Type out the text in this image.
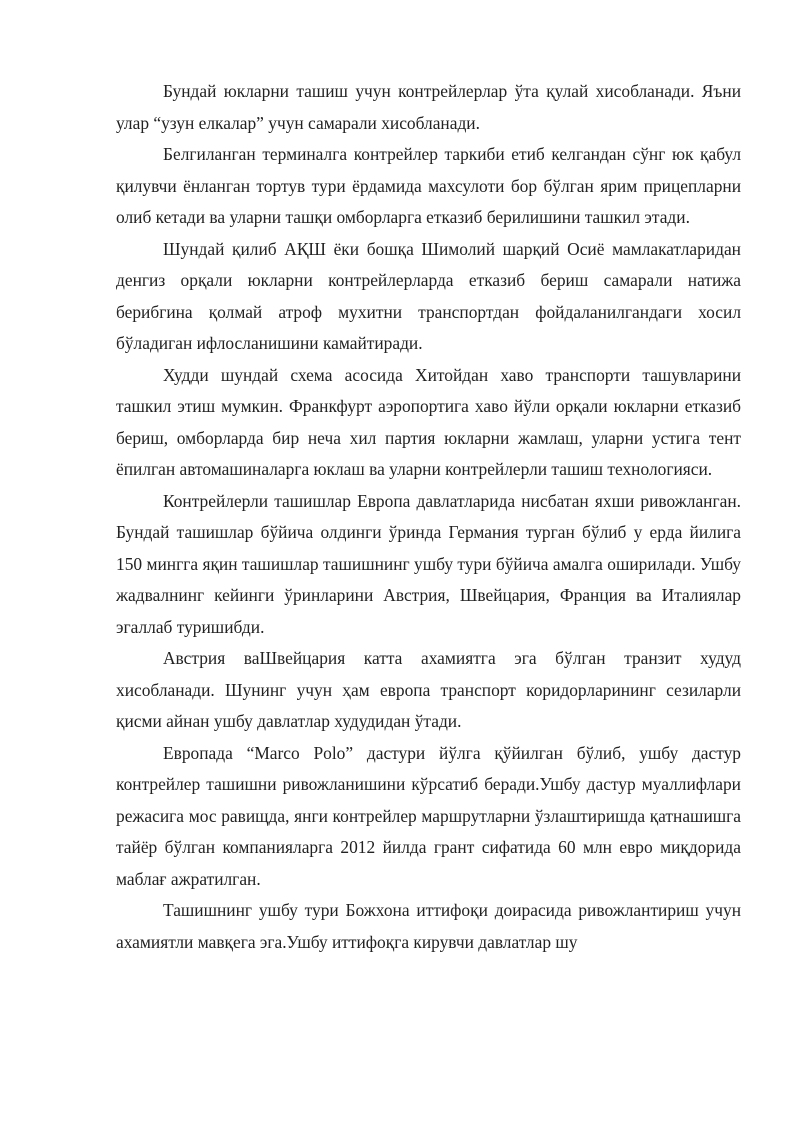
Бундай юкларни ташиш учун контрейлерлар ўта қулай хисобланади. Яъни улар “узун елкалар” учун самарали хисобланади.

Белгиланган терминалга контрейлер таркиби етиб келгандан сўнг юк қабул қилувчи ёнланган тортув тури ёрдамида махсулоти бор бўлган ярим прицепларни олиб кетади ва уларни ташқи омборларга етказиб берилишини ташкил этади.

Шундай қилиб АҚШ ёки бошқа Шимолий шарқий Осиё мамлакатларидан денгиз орқали юкларни контрейлерларда етказиб бериш самарали натижа берибгина қолмай атроф мухитни транспортдан фойдаланилгандаги хосил бўладиган ифлосланишини камайтиради.

Худди шундай схема асосида Хитойдан хаво транспорти ташувларини ташкил этиш мумкин. Франкфурт аэропортига хаво йўли орқали юкларни етказиб бериш, омборларда бир неча хил партия юкларни жамлаш, уларни устига тент ёпилган автомашиналарга юклаш ва уларни контрейлерли ташиш технологияси.

Контрейлерли ташишлар Европа давлатларида нисбатан яхши ривожланган. Бундай ташишлар бўйича олдинги ўринда Германия турган бўлиб у ерда йилига 150 мингга яқин ташишлар ташишнинг ушбу тури бўйича амалга оширилади. Ушбу жадвалнинг кейинги ўринларини Австрия, Швейцария, Франция ва Италиялар эгаллаб туришибди.

Австрия ваШвейцария катта ахамиятга эга бўлган транзит худуд хисобланади. Шунинг учун ҳам европа транспорт коридорларининг сезиларли қисми айнан ушбу давлатлар худудидан ўтади.

Европада “Marco Polo” дастури йўлга қўйилган бўлиб, ушбу дастур контрейлер ташишни ривожланишини кўрсатиб беради.Ушбу дастур муаллифлари режасига мос равищда, янги контрейлер маршрутларни ўзлаштиришда қатнашишга тайёр бўлган компанияларга 2012 йилда грант сифатида 60 млн евро миқдорида маблағ ажратилган.

Ташишнинг ушбу тури Божхона иттифоқи доирасида ривожлантириш учун ахамиятли мавқега эга.Ушбу иттифоқга кирувчи давлатлар шу
